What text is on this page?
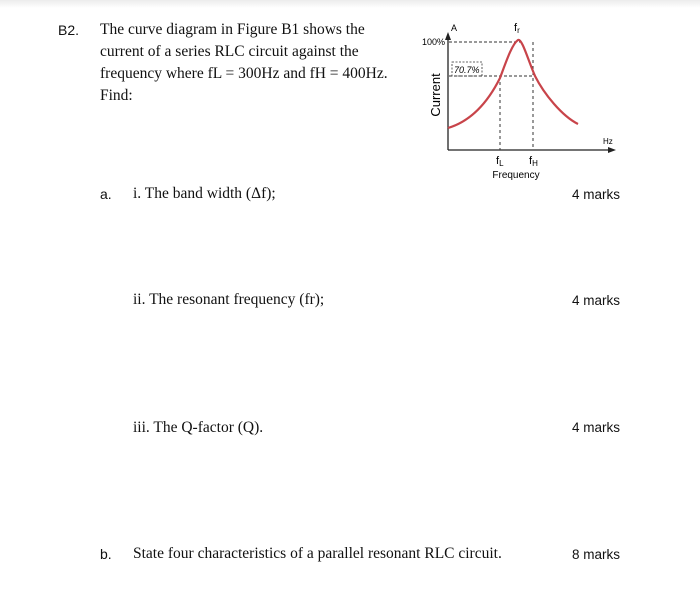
B2. The curve diagram in Figure B1 shows the
current of a series RLC circuit against the
frequency where fL = 300Hz and fH = 400Hz.
Find:	Current
A
100%
70.7%
fr
fL fH
Hz
Frequency
a. i. The band width (Δf);	4 marks
ii. The resonant frequency (fr);	4 marks
iii. The Q-factor (Q).	4 marks
b. State four characteristics of a parallel resonant RLC circuit.	8 marks
